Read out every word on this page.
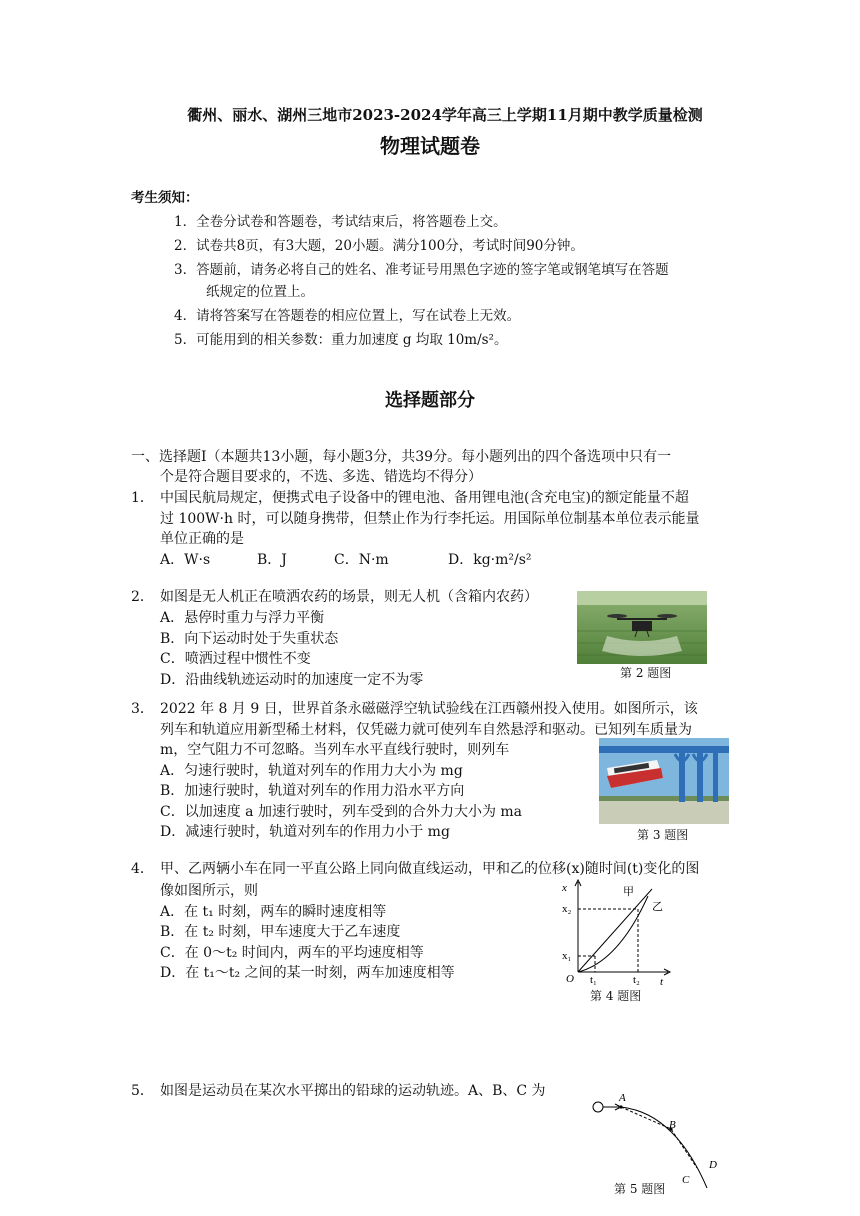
衢州、丽水、湖州三地市2023-2024学年高三上学期11月期中教学质量检测
物理试题卷
考生须知：
1．全卷分试卷和答题卷，考试结束后，将答题卷上交。
2．试卷共8页，有3大题，20小题。满分100分，考试时间90分钟。
3．答题前，请务必将自己的姓名、准考证号用黑色字迹的签字笔或钢笔填写在答题
纸规定的位置上。
4．请将答案写在答题卷的相应位置上，写在试卷上无效。
5．可能用到的相关参数：重力加速度 g 均取 10m/s²。
选择题部分
一、选择题Ⅰ（本题共13小题，每小题3分，共39分。每小题列出的四个备选项中只有一
个是符合题目要求的，不选、多选、错选均不得分）
1． 中国民航局规定，便携式电子设备中的锂电池、备用锂电池(含充电宝)的额定能量不超
过 100W·h 时，可以随身携带，但禁止作为行李托运。用国际单位制基本单位表示能量
单位正确的是
A．W·s	B．J	C．N·m	D．kg·m²/s²
2． 如图是无人机正在喷洒农药的场景，则无人机（含箱内农药）
A．悬停时重力与浮力平衡
B．向下运动时处于失重状态
C．喷洒过程中惯性不变
D．沿曲线轨迹运动时的加速度一定不为零	第 2 题图
3． 2022 年 8 月 9 日，世界首条永磁磁浮空轨试验线在江西赣州投入使用。如图所示，该
列车和轨道应用新型稀土材料，仅凭磁力就可使列车自然悬浮和驱动。已知列车质量为
m，空气阻力不可忽略。当列车水平直线行驶时，则列车
A．匀速行驶时，轨道对列车的作用力大小为 mg
B．加速行驶时，轨道对列车的作用力沿水平方向
C．以加速度 a 加速行驶时，列车受到的合外力大小为 ma
D．减速行驶时，轨道对列车的作用力小于 mg	第 3 题图
4． 甲、乙两辆小车在同一平直公路上同向做直线运动，甲和乙的位移(x)随时间(t)变化的图
像如图所示，则
A．在 t₁ 时刻，两车的瞬时速度相等
B．在 t₂ 时刻，甲车速度大于乙车速度
C．在 0～t₂ 时间内，两车的平均速度相等
D．在 t₁～t₂ 之间的某一时刻，两车加速度相等
x
t
O
x₂
x₁
t₁	t₂
甲
乙
第 4 题图
5． 如图是运动员在某次水平掷出的铅球的运动轨迹。A、B、C 为	A
B
C
D
第 5 题图
